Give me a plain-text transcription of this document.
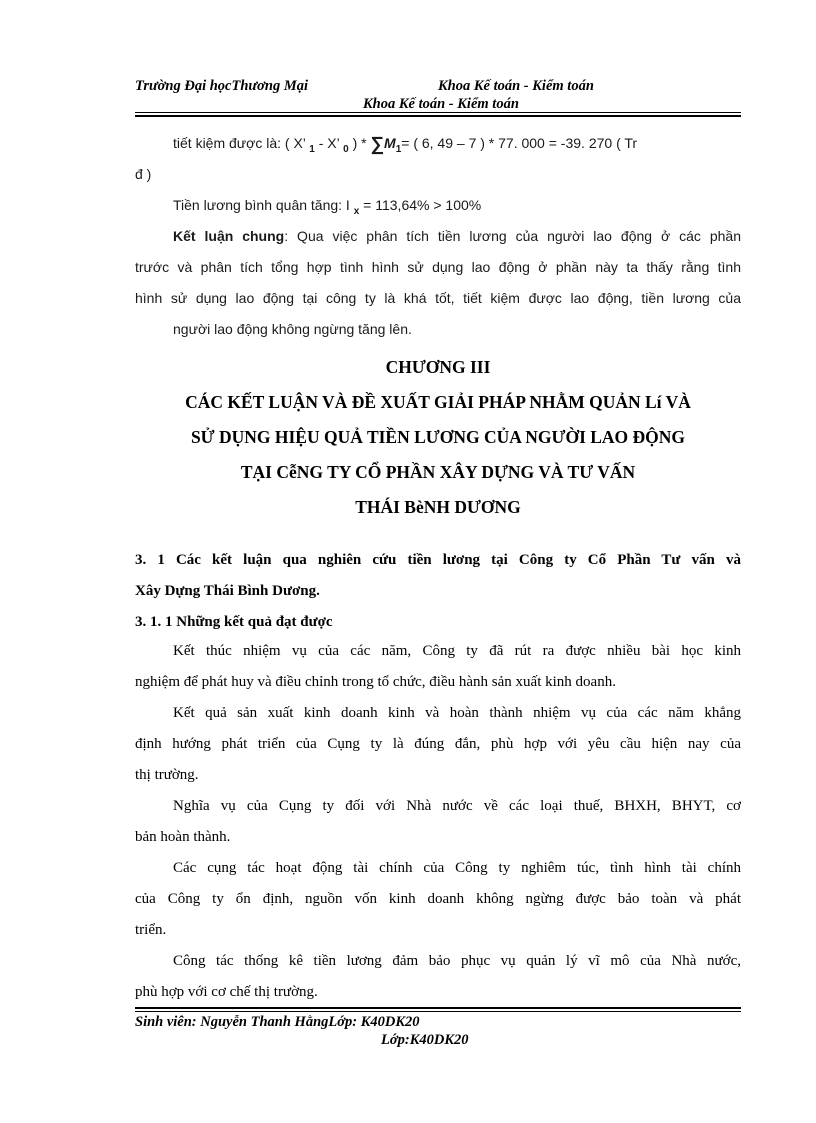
Trường Đại họcThương Mại	Khoa Kế toán - Kiểm toán
Khoa Kế toán - Kiểm toán
tiết kiệm được là: ( X’ $_1$ - X’ $_0$ ) * $\sum M_1=$ ( 6, 49 – 7 ) * 77. 000 = -39. 270 ( Tr
đ )
Tiền lương bình quân tăng: I $_x$ = 113,64% > 100%
Kết luận chung: Qua việc phân tích tiền lương của người lao động ở các phần
trước và phân tích tổng hợp tình hình sử dụng lao động ở phần này ta thấy rằng tình
hình sử dụng lao động tại công ty là khá tốt, tiết kiệm được lao động, tiền lương của
người lao động không ngừng tăng lên.
CHƯƠNG III
CÁC KẾT LUẬN VÀ ĐỀ XUẤT GIẢI PHÁP NHẰM QUẢN Lí VÀ
SỬ DỤNG HIỆU QUẢ TIỀN LƯƠNG CỦA NGƯỜI LAO ĐỘNG
TẠI CễNG TY CỔ PHẦN XÂY DỰNG VÀ TƯ VẤN
THÁI BèNH DƯƠNG
3. 1 Các kết luận qua nghiên cứu tiền lương tại Công ty Cổ Phần Tư vấn và
Xây Dựng Thái Bình Dương.
3. 1. 1 Những kết quả đạt được
Kết thúc nhiệm vụ của các năm, Công ty đã rút ra được nhiều bài học kinh
nghiệm để phát huy và điều chỉnh trong tổ chức, điều hành sản xuất kinh doanh.
Kết quả sản xuất kinh doanh kinh và hoàn thành nhiệm vụ của các năm khẳng
định hướng phát triển của Cụng ty là đúng đắn, phù hợp với yêu cầu hiện nay của
thị trường.
Nghĩa vụ của Cụng ty đối với Nhà nước về các loại thuế, BHXH, BHYT, cơ
bản hoàn thành.
Các cụng tác hoạt động tài chính của Công ty nghiêm túc, tình hình tài chính
của Công ty ổn định, nguồn vốn kinh doanh không ngừng được bảo toàn và phát
triển.
Công tác thống kê tiền lương đảm bảo phục vụ quản lý vĩ mô của Nhà nước,
phù hợp với cơ chế thị trường.
Sinh viên: Nguyễn Thanh HằngLớp: K40DK20
Lớp:K40DK20
